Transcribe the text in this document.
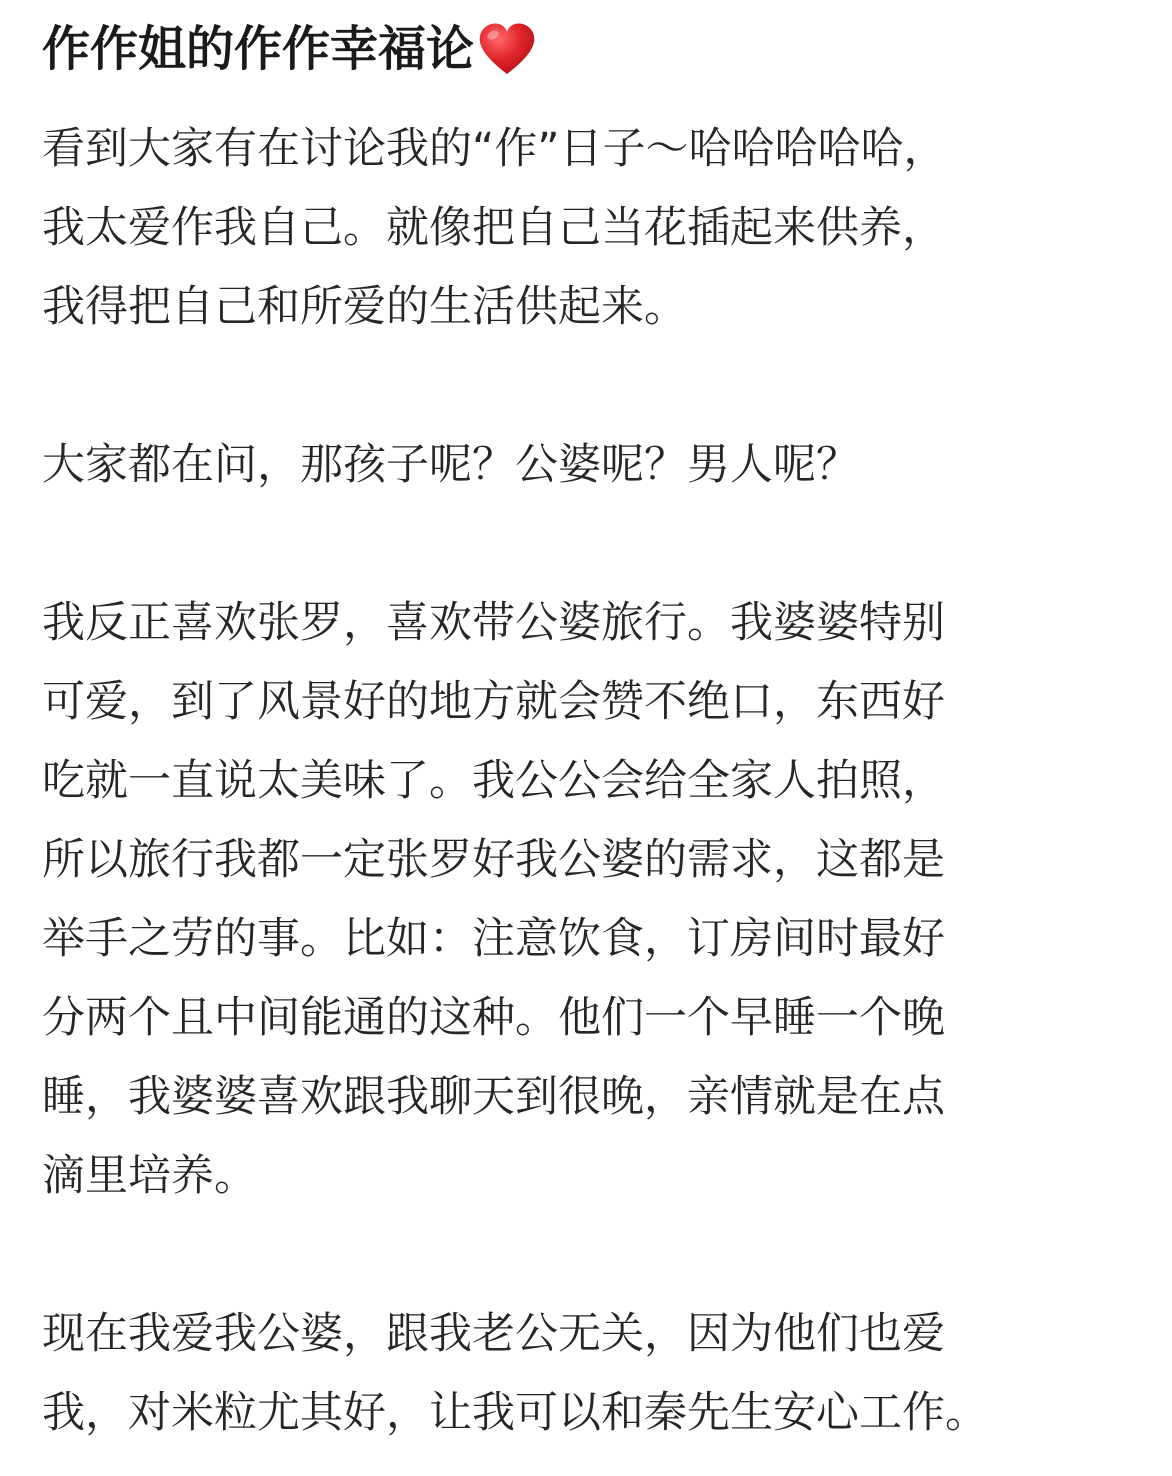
作作姐的作作幸福论
看到大家有在讨论我的“作”日子～哈哈哈哈哈，
我太爱作我自己。就像把自己当花插起来供养，
我得把自己和所爱的生活供起来。
大家都在问，那孩子呢？公婆呢？男人呢？
我反正喜欢张罗，喜欢带公婆旅行。我婆婆特别
可爱，到了风景好的地方就会赞不绝口，东西好
吃就一直说太美味了。我公公会给全家人拍照，
所以旅行我都一定张罗好我公婆的需求，这都是
举手之劳的事。比如：注意饮食，订房间时最好
分两个且中间能通的这种。他们一个早睡一个晚
睡，我婆婆喜欢跟我聊天到很晚，亲情就是在点
滴里培养。
现在我爱我公婆，跟我老公无关，因为他们也爱
我，对米粒尤其好，让我可以和秦先生安心工作。
